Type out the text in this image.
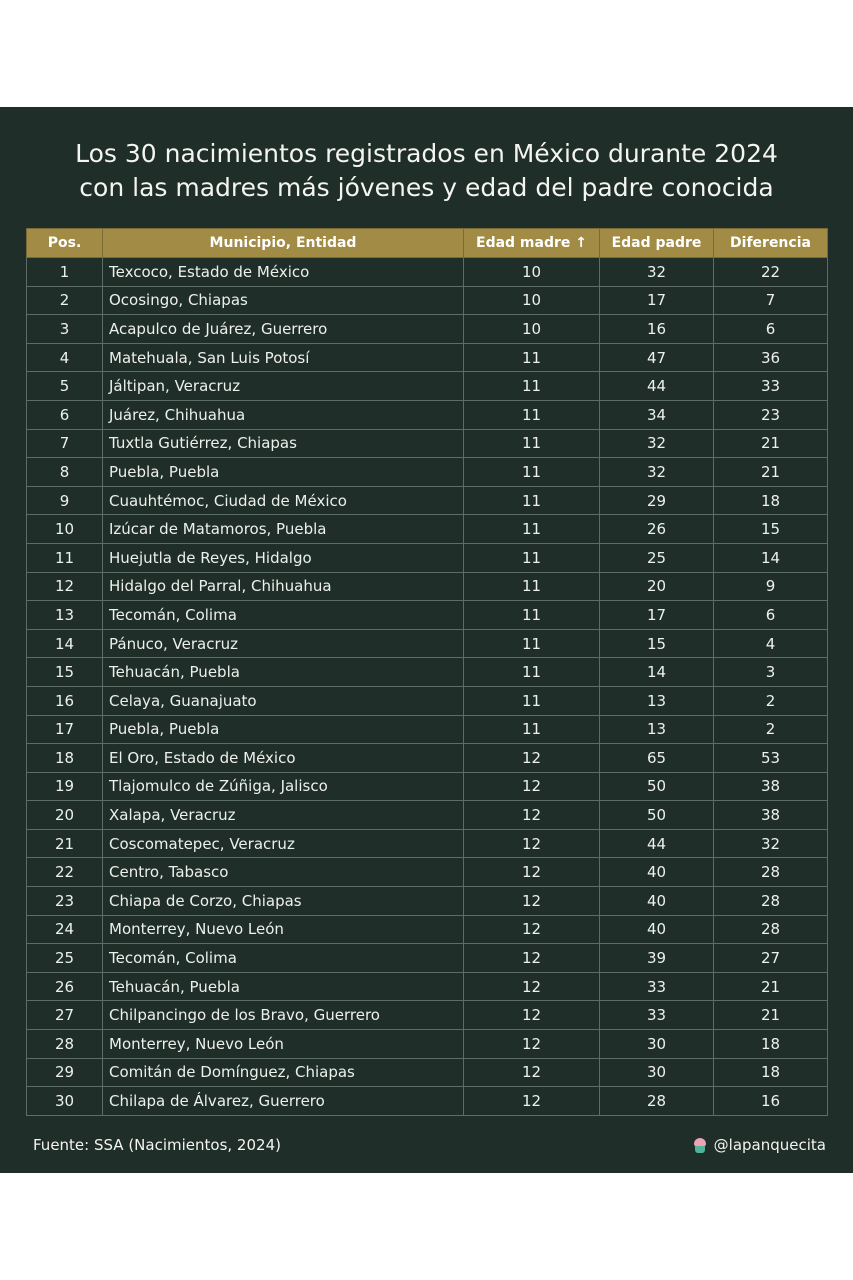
Los 30 nacimientos registrados en México durante 2024
con las madres más jóvenes y edad del padre conocida
Pos.	Municipio, Entidad	Edad madre ↑	Edad padre	Diferencia
1	Texcoco, Estado de México	10	32	22
2	Ocosingo, Chiapas	10	17	7
3	Acapulco de Juárez, Guerrero	10	16	6
4	Matehuala, San Luis Potosí	11	47	36
5	Jáltipan, Veracruz	11	44	33
6	Juárez, Chihuahua	11	34	23
7	Tuxtla Gutiérrez, Chiapas	11	32	21
8	Puebla, Puebla	11	32	21
9	Cuauhtémoc, Ciudad de México	11	29	18
10	Izúcar de Matamoros, Puebla	11	26	15
11	Huejutla de Reyes, Hidalgo	11	25	14
12	Hidalgo del Parral, Chihuahua	11	20	9
13	Tecomán, Colima	11	17	6
14	Pánuco, Veracruz	11	15	4
15	Tehuacán, Puebla	11	14	3
16	Celaya, Guanajuato	11	13	2
17	Puebla, Puebla	11	13	2
18	El Oro, Estado de México	12	65	53
19	Tlajomulco de Zúñiga, Jalisco	12	50	38
20	Xalapa, Veracruz	12	50	38
21	Coscomatepec, Veracruz	12	44	32
22	Centro, Tabasco	12	40	28
23	Chiapa de Corzo, Chiapas	12	40	28
24	Monterrey, Nuevo León	12	40	28
25	Tecomán, Colima	12	39	27
26	Tehuacán, Puebla	12	33	21
27	Chilpancingo de los Bravo, Guerrero	12	33	21
28	Monterrey, Nuevo León	12	30	18
29	Comitán de Domínguez, Chiapas	12	30	18
30	Chilapa de Álvarez, Guerrero	12	28	16
Fuente: SSA (Nacimientos, 2024)	@lapanquecita
